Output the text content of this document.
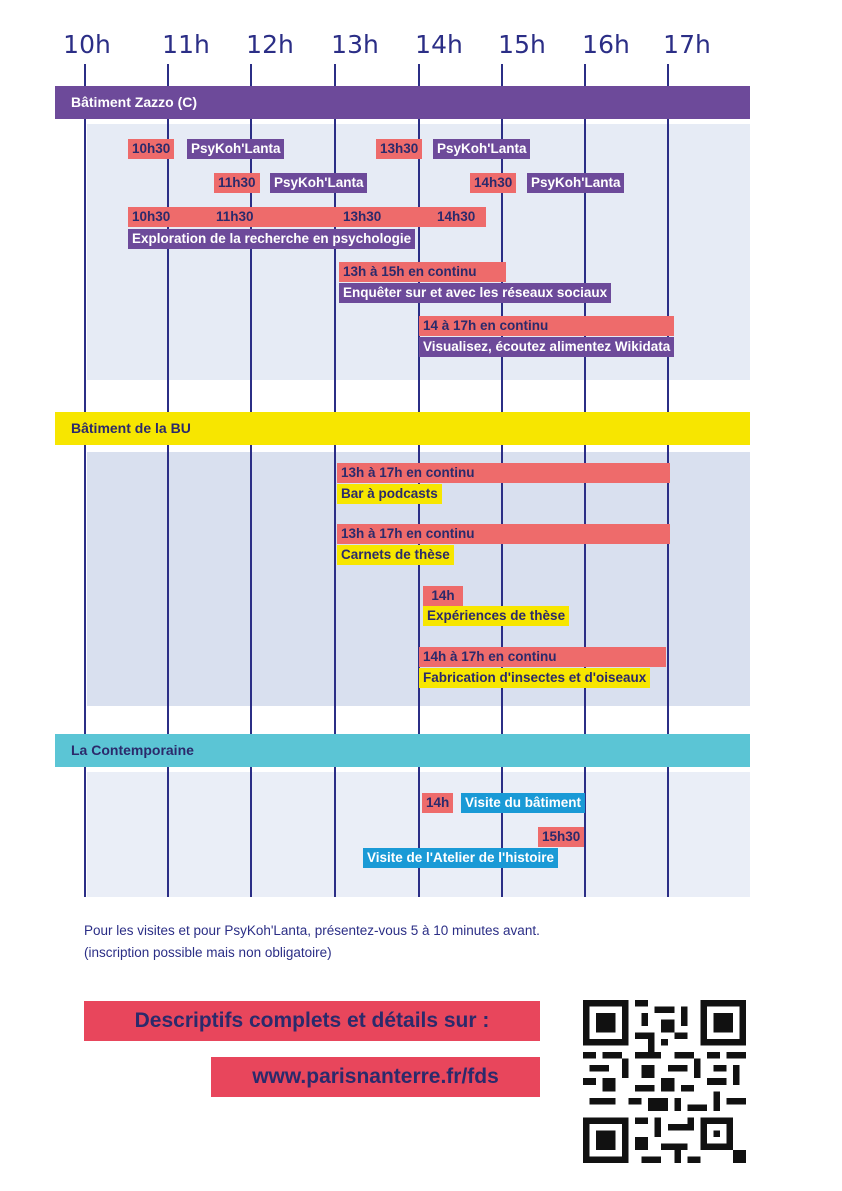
10h	11h	12h	13h	14h	15h	16h	17h
Bâtiment Zazzo (C)
Bâtiment de la BU
La Contemporaine
10h30 PsyKoh'Lanta	13h30 PsyKoh'Lanta
11h30 PsyKoh'Lanta	14h30 PsyKoh'Lanta
10h30	11h30	13h30	14h30
Exploration de la recherche en psychologie
13h à 15h en continu
Enquêter sur et avec les réseaux sociaux
14 à 17h en continu
Visualisez, écoutez alimentez Wikidata
13h à 17h en continu
Bar à podcasts
13h à 17h en continu
Carnets de thèse
14h
Expériences de thèse
14h à 17h en continu
Fabrication d'insectes et d'oiseaux
14h Visite du bâtiment
15h30
Visite de l'Atelier de l'histoire
Pour les visites et pour PsyKoh'Lanta, présentez-vous 5 à 10 minutes avant.
(inscription possible mais non obligatoire)
Descriptifs complets et détails sur :
www.parisnanterre.fr/fds
